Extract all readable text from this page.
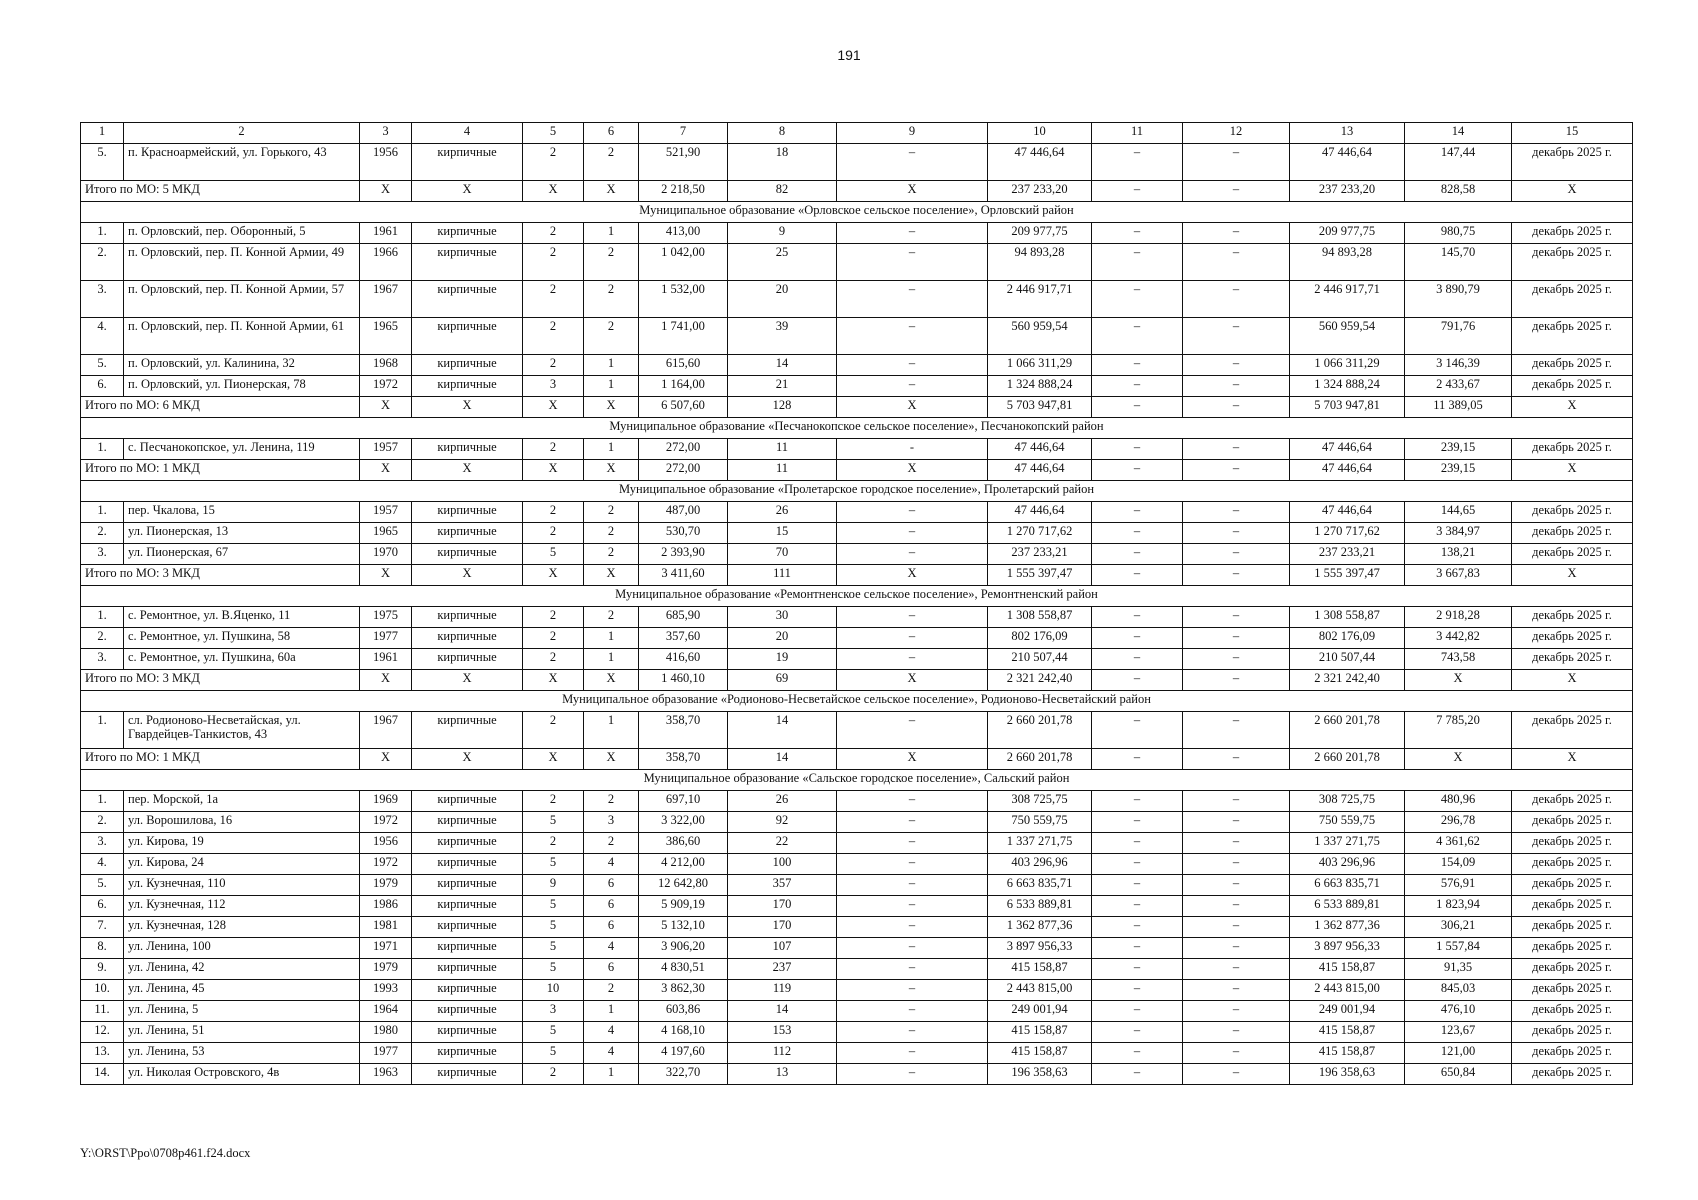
191
1	2	3	4	5	6	7	8	9	10	11	12	13	14	15
5.	п. Красноармейский, ул. Горького, 43	1956	кирпичные	2	2	521,90	18	–	47 446,64	–	–	47 446,64	147,44	декабрь 2025 г.
Итого по МО: 5 МКД		X	X	X	X	2 218,50	82	X	237 233,20	–	–	237 233,20	828,58	X
Муниципальное образование «Орловское сельское поселение», Орловский район														
1.	п. Орловский, пер. Оборонный, 5	1961	кирпичные	2	1	413,00	9	–	209 977,75	–	–	209 977,75	980,75	декабрь 2025 г.
2.	п. Орловский, пер. П. Конной Армии, 49	1966	кирпичные	2	2	1 042,00	25	–	94 893,28	–	–	94 893,28	145,70	декабрь 2025 г.
3.	п. Орловский, пер. П. Конной Армии, 57	1967	кирпичные	2	2	1 532,00	20	–	2 446 917,71	–	–	2 446 917,71	3 890,79	декабрь 2025 г.
4.	п. Орловский, пер. П. Конной Армии, 61	1965	кирпичные	2	2	1 741,00	39	–	560 959,54	–	–	560 959,54	791,76	декабрь 2025 г.
5.	п. Орловский, ул. Калинина, 32	1968	кирпичные	2	1	615,60	14	–	1 066 311,29	–	–	1 066 311,29	3 146,39	декабрь 2025 г.
6.	п. Орловский, ул. Пионерская, 78	1972	кирпичные	3	1	1 164,00	21	–	1 324 888,24	–	–	1 324 888,24	2 433,67	декабрь 2025 г.
Итого по МО: 6 МКД		X	X	X	X	6 507,60	128	X	5 703 947,81	–	–	5 703 947,81	11 389,05	X
Муниципальное образование «Песчанокопское сельское поселение», Песчанокопский район														
1.	с. Песчанокопское, ул. Ленина, 119	1957	кирпичные	2	1	272,00	11	-	47 446,64	–	–	47 446,64	239,15	декабрь 2025 г.
Итого по МО: 1 МКД		X	X	X	X	272,00	11	X	47 446,64	–	–	47 446,64	239,15	X
Муниципальное образование «Пролетарское городское поселение», Пролетарский район														
1.	пер. Чкалова, 15	1957	кирпичные	2	2	487,00	26	–	47 446,64	–	–	47 446,64	144,65	декабрь 2025 г.
2.	ул. Пионерская, 13	1965	кирпичные	2	2	530,70	15	–	1 270 717,62	–	–	1 270 717,62	3 384,97	декабрь 2025 г.
3.	ул. Пионерская, 67	1970	кирпичные	5	2	2 393,90	70	–	237 233,21	–	–	237 233,21	138,21	декабрь 2025 г.
Итого по МО: 3 МКД		X	X	X	X	3 411,60	111	X	1 555 397,47	–	–	1 555 397,47	3 667,83	X
Муниципальное образование «Ремонтненское сельское поселение», Ремонтненский район														
1.	с. Ремонтное, ул. В.Яценко, 11	1975	кирпичные	2	2	685,90	30	–	1 308 558,87	–	–	1 308 558,87	2 918,28	декабрь 2025 г.
2.	с. Ремонтное, ул. Пушкина, 58	1977	кирпичные	2	1	357,60	20	–	802 176,09	–	–	802 176,09	3 442,82	декабрь 2025 г.
3.	с. Ремонтное, ул. Пушкина, 60а	1961	кирпичные	2	1	416,60	19	–	210 507,44	–	–	210 507,44	743,58	декабрь 2025 г.
Итого по МО: 3 МКД		X	X	X	X	1 460,10	69	X	2 321 242,40	–	–	2 321 242,40	X	X
Муниципальное образование «Родионово-Несветайское сельское поселение», Родионово-Несветайский район														
1.	сл. Родионово-Несветайская, ул. Гвардейцев-Танкистов, 43	1967	кирпичные	2	1	358,70	14	–	2 660 201,78	–	–	2 660 201,78	7 785,20	декабрь 2025 г.
Итого по МО: 1 МКД		X	X	X	X	358,70	14	X	2 660 201,78	–	–	2 660 201,78	X	X
Муниципальное образование «Сальское городское поселение», Сальский район														
1.	пер. Морской, 1а	1969	кирпичные	2	2	697,10	26	–	308 725,75	–	–	308 725,75	480,96	декабрь 2025 г.
2.	ул. Ворошилова, 16	1972	кирпичные	5	3	3 322,00	92	–	750 559,75	–	–	750 559,75	296,78	декабрь 2025 г.
3.	ул. Кирова, 19	1956	кирпичные	2	2	386,60	22	–	1 337 271,75	–	–	1 337 271,75	4 361,62	декабрь 2025 г.
4.	ул. Кирова, 24	1972	кирпичные	5	4	4 212,00	100	–	403 296,96	–	–	403 296,96	154,09	декабрь 2025 г.
5.	ул. Кузнечная, 110	1979	кирпичные	9	6	12 642,80	357	–	6 663 835,71	–	–	6 663 835,71	576,91	декабрь 2025 г.
6.	ул. Кузнечная, 112	1986	кирпичные	5	6	5 909,19	170	–	6 533 889,81	–	–	6 533 889,81	1 823,94	декабрь 2025 г.
7.	ул. Кузнечная, 128	1981	кирпичные	5	6	5 132,10	170	–	1 362 877,36	–	–	1 362 877,36	306,21	декабрь 2025 г.
8.	ул. Ленина, 100	1971	кирпичные	5	4	3 906,20	107	–	3 897 956,33	–	–	3 897 956,33	1 557,84	декабрь 2025 г.
9.	ул. Ленина, 42	1979	кирпичные	5	6	4 830,51	237	–	415 158,87	–	–	415 158,87	91,35	декабрь 2025 г.
10.	ул. Ленина, 45	1993	кирпичные	10	2	3 862,30	119	–	2 443 815,00	–	–	2 443 815,00	845,03	декабрь 2025 г.
11.	ул. Ленина, 5	1964	кирпичные	3	1	603,86	14	–	249 001,94	–	–	249 001,94	476,10	декабрь 2025 г.
12.	ул. Ленина, 51	1980	кирпичные	5	4	4 168,10	153	–	415 158,87	–	–	415 158,87	123,67	декабрь 2025 г.
13.	ул. Ленина, 53	1977	кирпичные	5	4	4 197,60	112	–	415 158,87	–	–	415 158,87	121,00	декабрь 2025 г.
14.	ул. Николая Островского, 4в	1963	кирпичные	2	1	322,70	13	–	196 358,63	–	–	196 358,63	650,84	декабрь 2025 г.
Y:\ORST\Ppo\0708p461.f24.docx
